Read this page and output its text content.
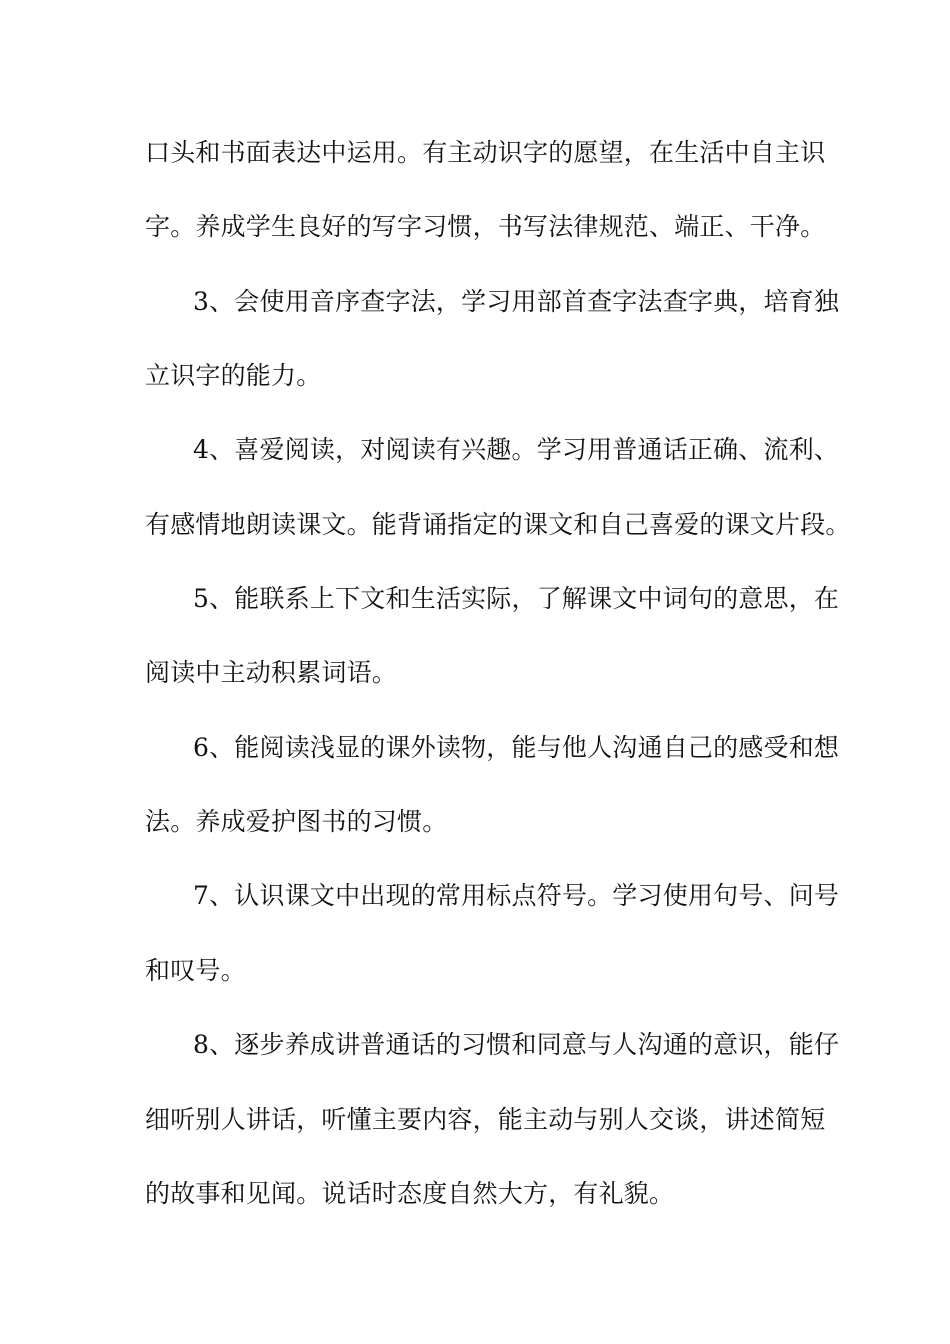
口头和书面表达中运用。有主动识字的愿望，在生活中自主识
字。养成学生良好的写字习惯，书写法律规范、端正、干净。
3、会使用音序查字法，学习用部首查字法查字典，培育独
立识字的能力。
4、喜爱阅读，对阅读有兴趣。学习用普通话正确、流利、
有感情地朗读课文。能背诵指定的课文和自己喜爱的课文片段。
5、能联系上下文和生活实际，了解课文中词句的意思，在
阅读中主动积累词语。
6、能阅读浅显的课外读物，能与他人沟通自己的感受和想
法。养成爱护图书的习惯。
7、认识课文中出现的常用标点符号。学习使用句号、问号
和叹号。
8、逐步养成讲普通话的习惯和同意与人沟通的意识，能仔
细听别人讲话，听懂主要内容，能主动与别人交谈，讲述简短
的故事和见闻。说话时态度自然大方，有礼貌。
